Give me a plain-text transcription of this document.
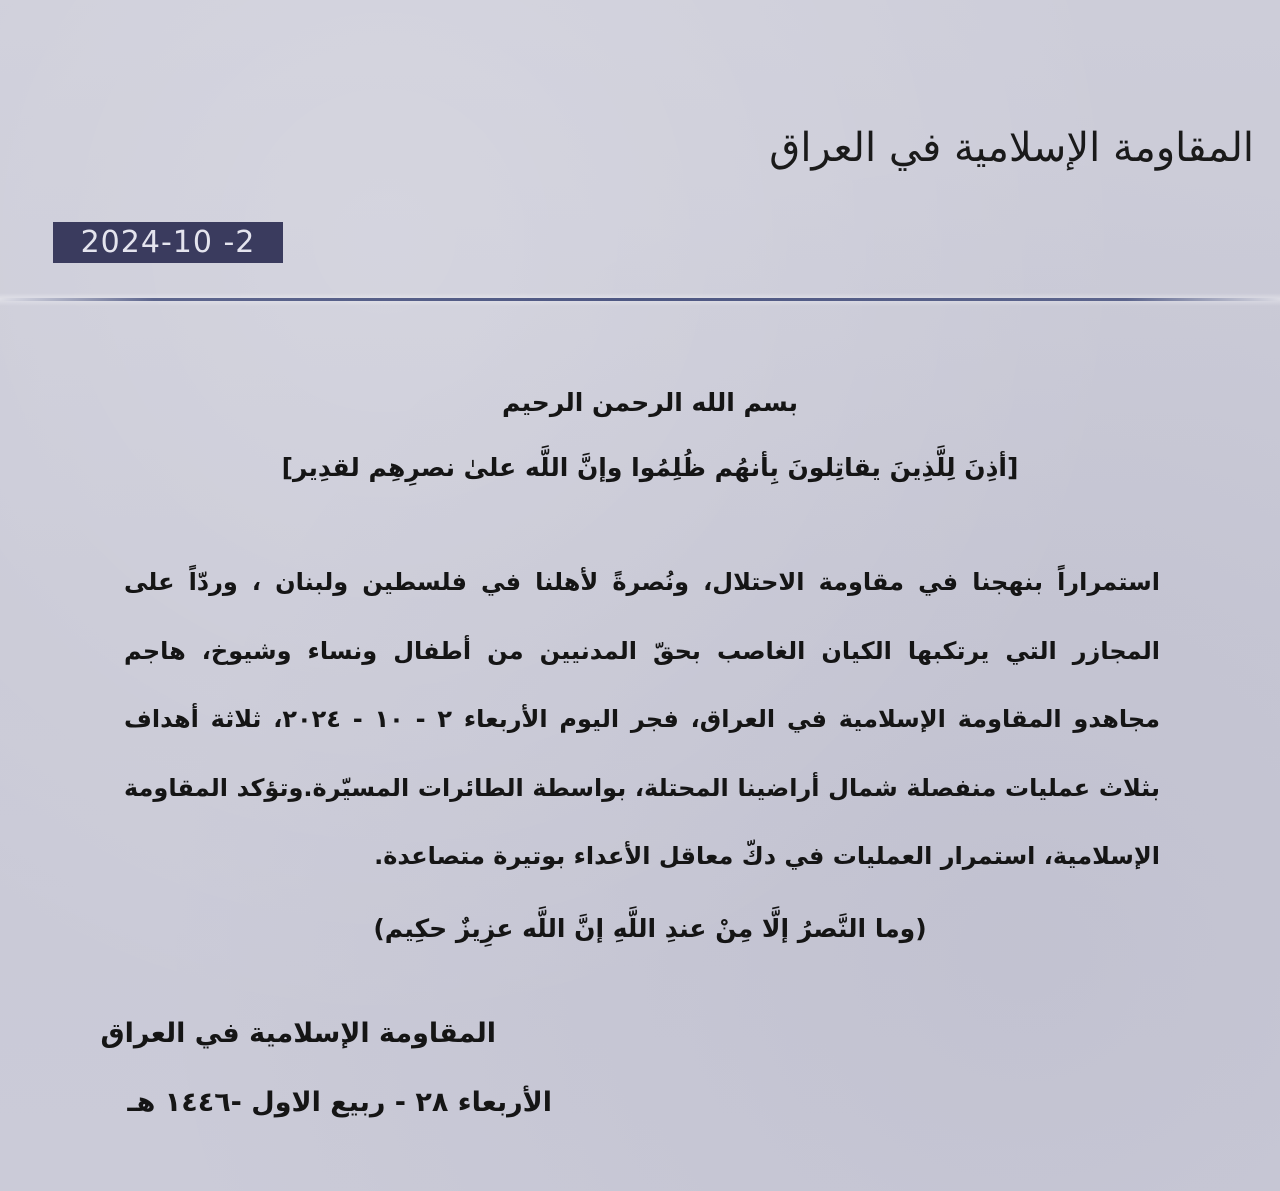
المقاومة الإسلامية في العراق
2024-10 -2
بسم الله الرحمن الرحيم
[أذِنَ لِلَّذِينَ يقاتِلونَ بِأنهُم ظُلِمُوا وإنَّ اللَّه علىٰ نصرِهِم لقدِير]
استمراراً بنهجنا في مقاومة الاحتلال، ونُصرةً لأهلنا في فلسطين ولبنان ، وردّاً على المجازر التي يرتكبها الكيان الغاصب بحقّ المدنيين من أطفال ونساء وشيوخ، هاجم مجاهدو المقاومة الإسلامية في العراق، فجر اليوم الأربعاء ٢ - ١٠ - ٢٠٢٤، ثلاثة أهداف بثلاث عمليات منفصلة شمال أراضينا المحتلة، بواسطة الطائرات المسيّرة.وتؤكد المقاومة الإسلامية، استمرار العمليات في دكّ معاقل الأعداء بوتيرة متصاعدة.
(وما النَّصرُ إلَّا مِنْ عندِ اللَّهِ إنَّ اللَّه عزِيزٌ حكِيم)
المقاومة الإسلامية في العراق
الأربعاء ٢٨ - ربيع الاول -١٤٤٦ هـ
